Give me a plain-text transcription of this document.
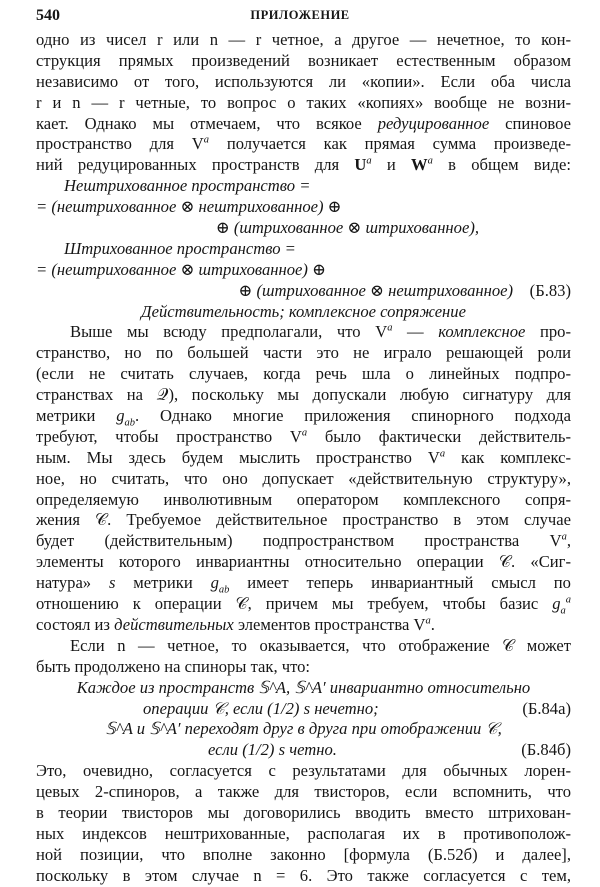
540	ПРИЛОЖЕНИЕ
одно из чисел r или n — r четное, а другое — нечетное, то кон-
струкция прямых произведений возникает естественным образом
независимо от того, используются ли «копии». Если оба числа
r и n — r четные, то вопрос о таких «копиях» вообще не возни-
кает. Однако мы отмечаем, что всякое редуцированное спиновое
пространство для $V^a$ получается как прямая сумма произведе-
ний редуцированных пространств для $U^a$ и $W^a$ в общем виде:
Нештрихованное пространство =
= (нештрихованное ⊗ нештрихованное) ⊕
⊕ (штрихованное ⊗ штрихованное),
Штрихованное пространство =
= (нештрихованное ⊗ штрихованное) ⊕
⊕ (штрихованное ⊗ нештрихованное) (Б.83)
Действительность; комплексное сопряжение
Выше мы всюду предполагали, что $V^a$ — комплексное про-
странство, но по большей части это не играло решающей роли
(если не считать случаев, когда речь шла о линейных подпро-
странствах на 𝒬), поскольку мы допускали любую сигнатуру для
метрики $g_{ab}$. Однако многие приложения спинорного подхода
требуют, чтобы пространство $V^a$ было фактически действитель-
ным. Мы здесь будем мыслить пространство $V^a$ как комплекс-
ное, но считать, что оно допускает «действительную структуру»,
определяемую инволютивным оператором комплексного сопря-
жения 𝒞. Требуемое действительное пространство в этом случае
будет (действительным) подпространством пространства $V^a$,
элементы которого инвариантны относительно операции 𝒞. «Сиг-
натура» s метрики $g_{ab}$ имеет теперь инвариантный смысл по
отношению к операции 𝒞, причем мы требуем, чтобы базис $g_a^a$
состоял из действительных элементов пространства $V^a$.
Если n — четное, то оказывается, что отображение 𝒞 может
быть продолжено на спиноры так, что:
Каждое из пространств 𝕊^A, 𝕊^A′ инвариантно относительно
операции 𝒞, если (1/2) s нечетно;	(Б.84а)
𝕊^A и 𝕊^A′ переходят друг в друга при отображении 𝒞,
если (1/2) s четно.	(Б.84б)
Это, очевидно, согласуется с результатами для обычных лорен-
цевых 2-спиноров, а также для твисторов, если вспомнить, что
в теории твисторов мы договорились вводить вместо штрихован-
ных индексов нештрихованные, располагая их в противополож-
ной позиции, что вполне законно [формула (Б.52б) и далее],
поскольку в этом случае n = 6. Это также согласуется с тем,
